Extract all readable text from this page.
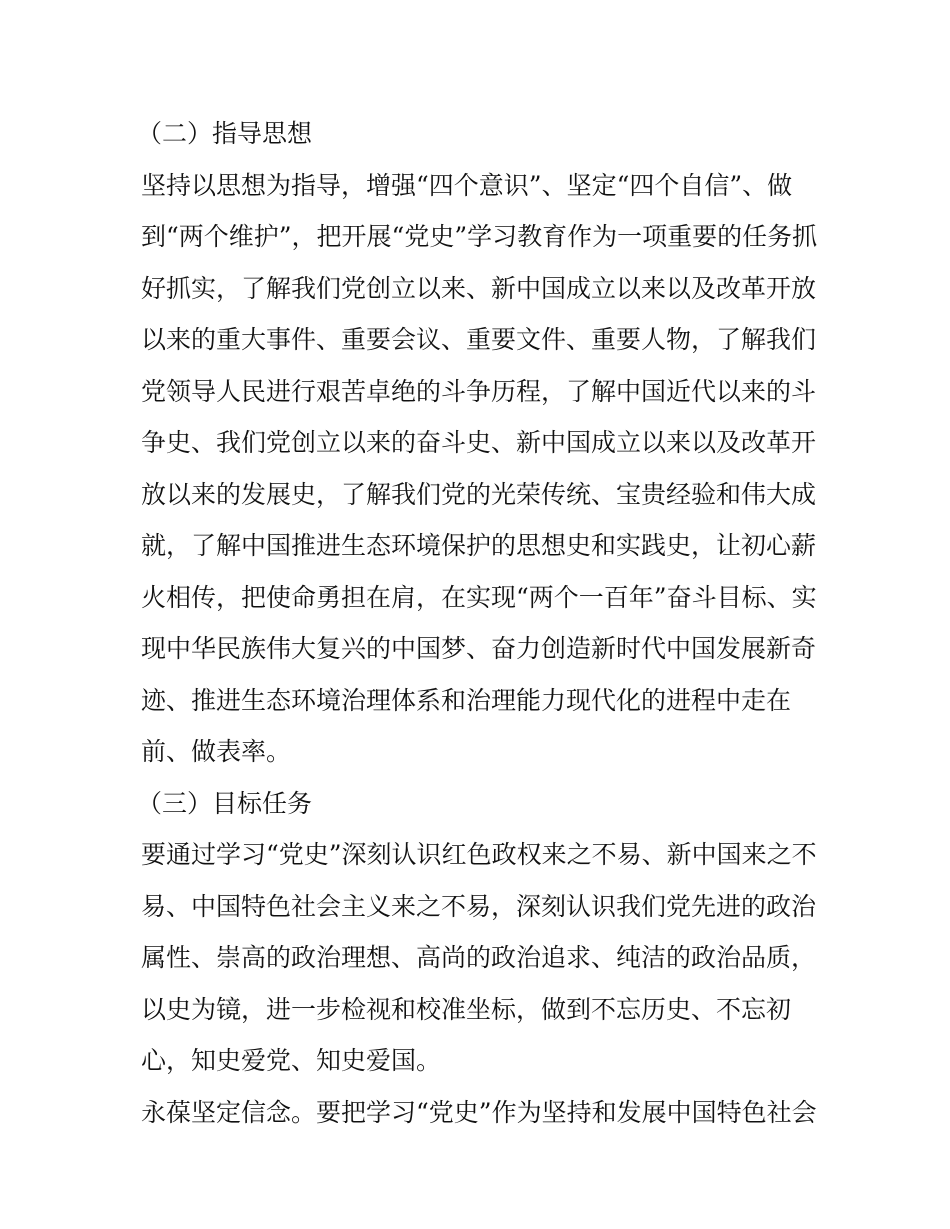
（二）指导思想
坚持以思想为指导，增强“四个意识”、坚定“四个自信”、做
到“两个维护”，把开展“党史”学习教育作为一项重要的任务抓
好抓实，了解我们党创立以来、新中国成立以来以及改革开放
以来的重大事件、重要会议、重要文件、重要人物，了解我们
党领导人民进行艰苦卓绝的斗争历程，了解中国近代以来的斗
争史、我们党创立以来的奋斗史、新中国成立以来以及改革开
放以来的发展史，了解我们党的光荣传统、宝贵经验和伟大成
就，了解中国推进生态环境保护的思想史和实践史，让初心薪
火相传，把使命勇担在肩，在实现“两个一百年”奋斗目标、实
现中华民族伟大复兴的中国梦、奋力创造新时代中国发展新奇
迹、推进生态环境治理体系和治理能力现代化的进程中走在
前、做表率。
（三）目标任务
要通过学习“党史”深刻认识红色政权来之不易、新中国来之不
易、中国特色社会主义来之不易，深刻认识我们党先进的政治
属性、崇高的政治理想、高尚的政治追求、纯洁的政治品质，
以史为镜，进一步检视和校准坐标，做到不忘历史、不忘初
心，知史爱党、知史爱国。
永葆坚定信念。要把学习“党史”作为坚持和发展中国特色社会
